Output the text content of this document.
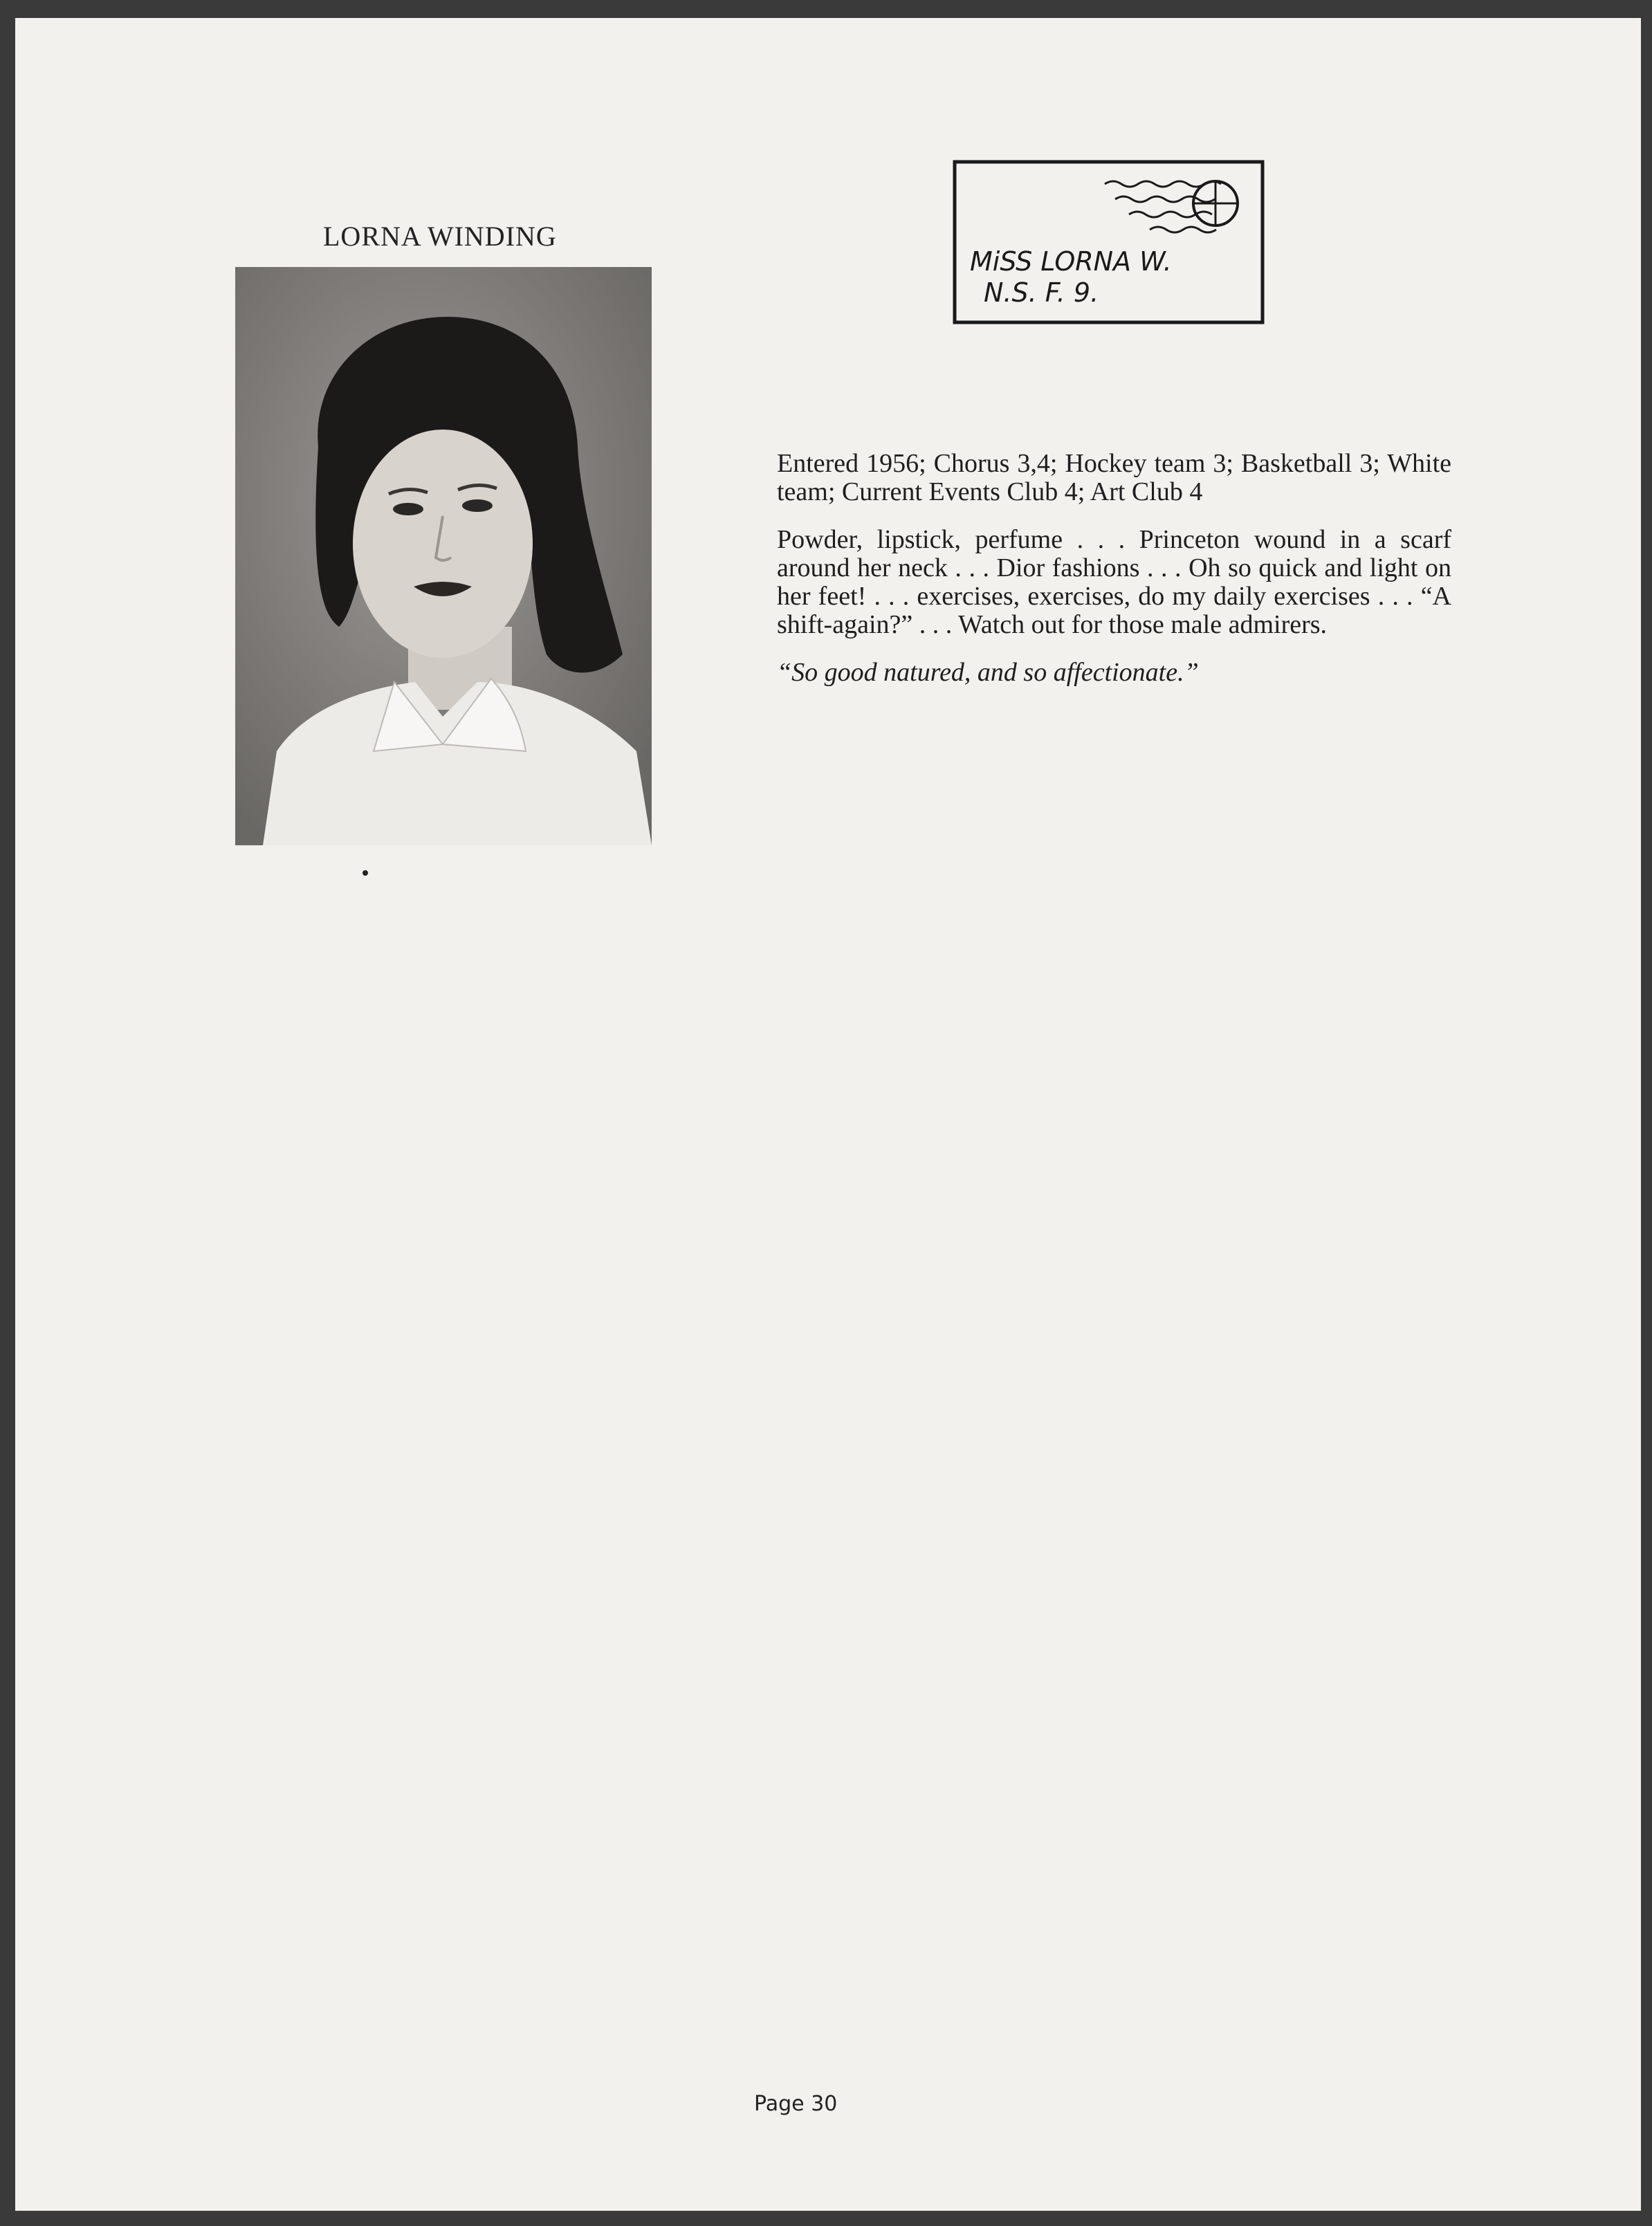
LORNA WINDING
MiSS LORNA W.
N.S. F. 9.

Entered 1956; Chorus 3,4; Hockey team 3; Basketball 3; White team; Current Events Club 4; Art Club 4

Powder, lipstick, perfume . . . Princeton wound in a scarf around her neck . . . Dior fashions . . . Oh so quick and light on her feet! . . . exercises, exercises, do my daily exercises . . . “A shift-again?” . . . Watch out for those male admirers.

“So good natured, and so affectionate.”

Page 30
